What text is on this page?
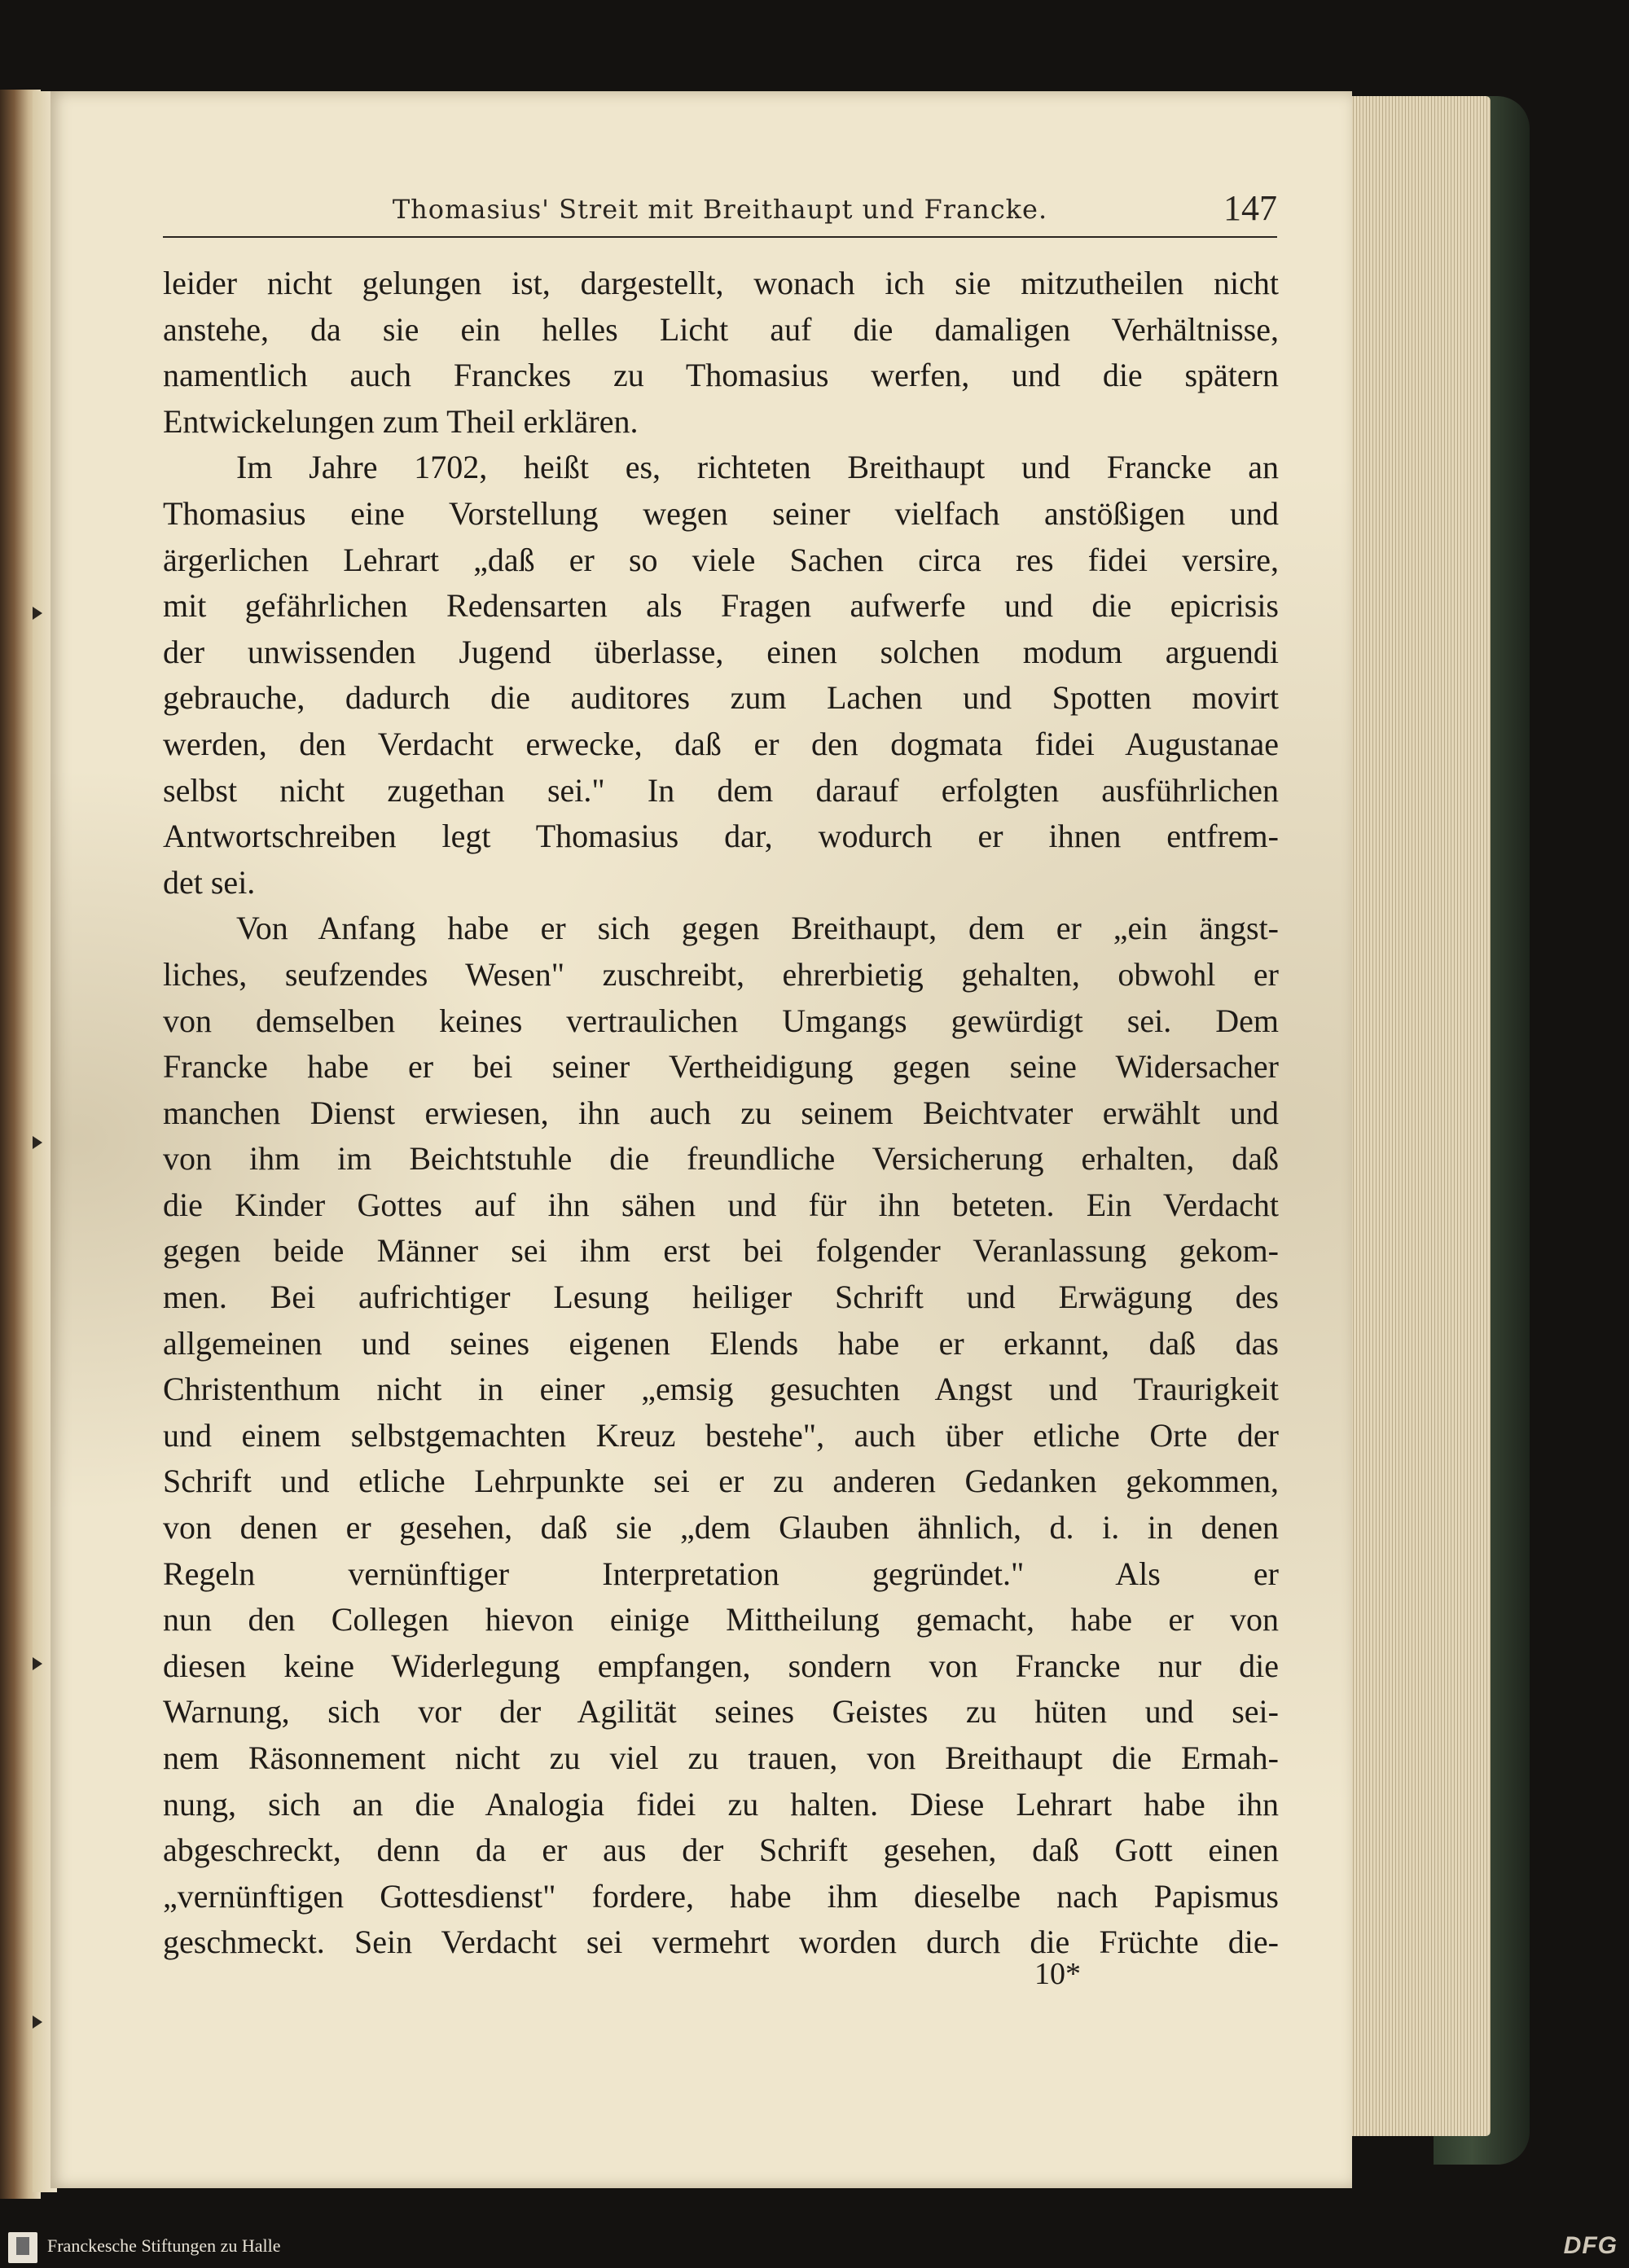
Thomasius' Streit mit Breithaupt und Francke.	147
leider nicht gelungen ist, dargestellt, wonach ich sie mitzutheilen nicht
anstehe, da sie ein helles Licht auf die damaligen Verhältnisse,
namentlich auch Franckes zu Thomasius werfen, und die spätern
Entwickelungen zum Theil erklären.
Im Jahre 1702, heißt es, richteten Breithaupt und Francke an
Thomasius eine Vorstellung wegen seiner vielfach anstößigen und
ärgerlichen Lehrart „daß er so viele Sachen circa res fidei versire,
mit gefährlichen Redensarten als Fragen aufwerfe und die epicrisis
der unwissenden Jugend überlasse, einen solchen modum arguendi
gebrauche, dadurch die auditores zum Lachen und Spotten movirt
werden, den Verdacht erwecke, daß er den dogmata fidei Augustanae
selbst nicht zugethan sei." In dem darauf erfolgten ausführlichen
Antwortschreiben legt Thomasius dar, wodurch er ihnen entfrem-
det sei.
Von Anfang habe er sich gegen Breithaupt, dem er „ein ängst-
liches, seufzendes Wesen" zuschreibt, ehrerbietig gehalten, obwohl er
von demselben keines vertraulichen Umgangs gewürdigt sei. Dem
Francke habe er bei seiner Vertheidigung gegen seine Widersacher
manchen Dienst erwiesen, ihn auch zu seinem Beichtvater erwählt und
von ihm im Beichtstuhle die freundliche Versicherung erhalten, daß
die Kinder Gottes auf ihn sähen und für ihn beteten. Ein Verdacht
gegen beide Männer sei ihm erst bei folgender Veranlassung gekom-
men. Bei aufrichtiger Lesung heiliger Schrift und Erwägung des
allgemeinen und seines eigenen Elends habe er erkannt, daß das
Christenthum nicht in einer „emsig gesuchten Angst und Traurigkeit
und einem selbstgemachten Kreuz bestehe", auch über etliche Orte der
Schrift und etliche Lehrpunkte sei er zu anderen Gedanken gekommen,
von denen er gesehen, daß sie „dem Glauben ähnlich, d. i. in denen
Regeln vernünftiger Interpretation gegründet." Als er
nun den Collegen hievon einige Mittheilung gemacht, habe er von
diesen keine Widerlegung empfangen, sondern von Francke nur die
Warnung, sich vor der Agilität seines Geistes zu hüten und sei-
nem Räsonnement nicht zu viel zu trauen, von Breithaupt die Ermah-
nung, sich an die Analogia fidei zu halten. Diese Lehrart habe ihn
abgeschreckt, denn da er aus der Schrift gesehen, daß Gott einen
„vernünftigen Gottesdienst" fordere, habe ihm dieselbe nach Papismus
geschmeckt. Sein Verdacht sei vermehrt worden durch die Früchte die-
10*
Franckesche Stiftungen zu Halle	DFG
